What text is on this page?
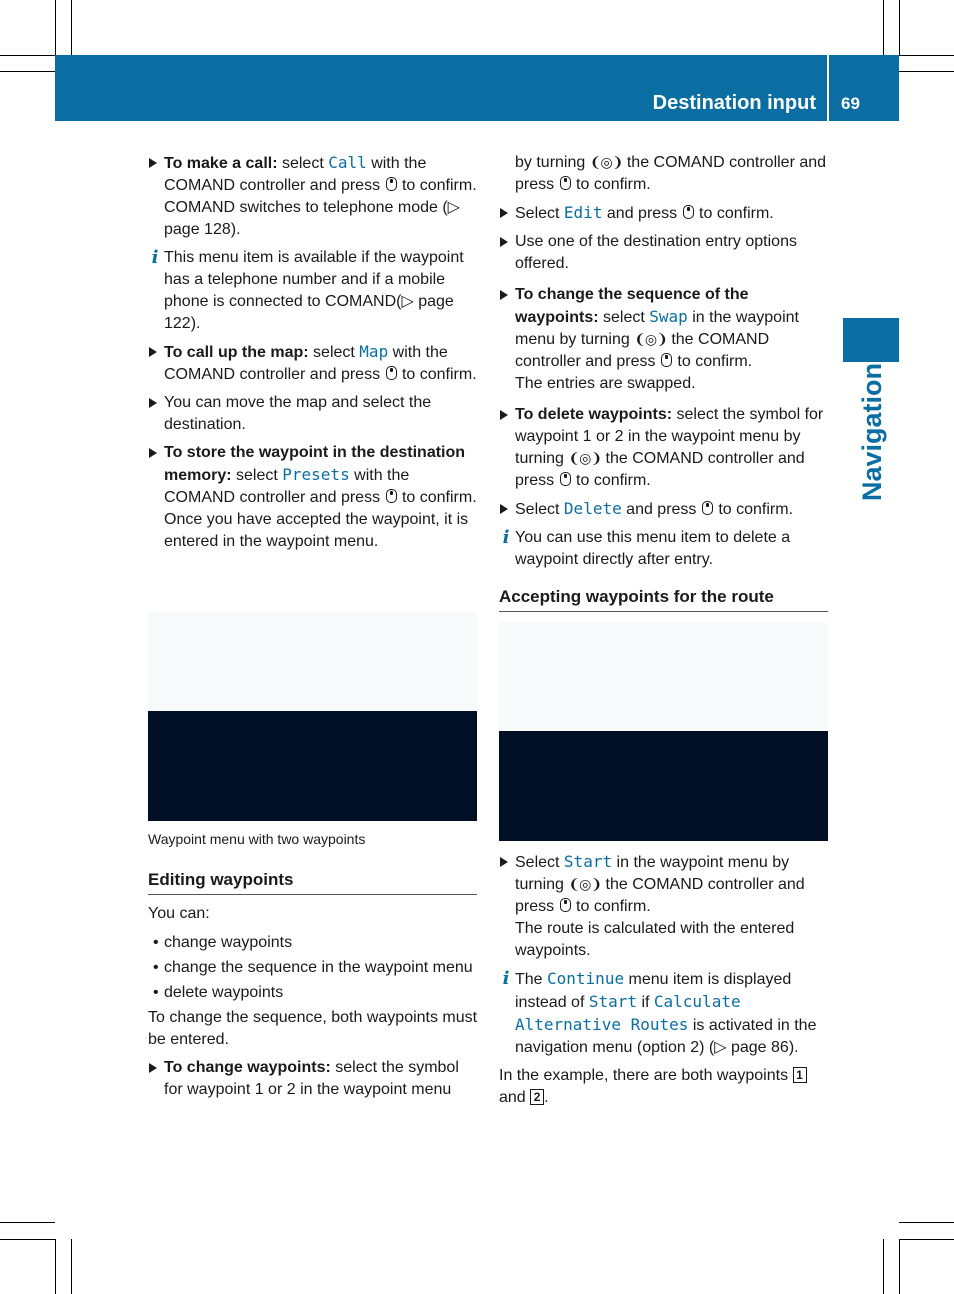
Destination input 69
Navigation
To make a call: select Call with the COMAND controller and press  to confirm. COMAND switches to telephone mode (▷ page 128).
i This menu item is available if the waypoint has a telephone number and if a mobile phone is connected to COMAND(▷ page 122).
To call up the map: select Map with the COMAND controller and press  to confirm.
You can move the map and select the destination.
To store the waypoint in the destination memory: select Presets with the COMAND controller and press  to confirm.
Once you have accepted the waypoint, it is entered in the waypoint menu.
Waypoint menu with two waypoints
Editing waypoints
You can:
• change waypoints
• change the sequence in the waypoint menu
• delete waypoints
To change the sequence, both waypoints must be entered.
To change waypoints: select the symbol for waypoint 1 or 2 in the waypoint menu
by turning ❨◎❩ the COMAND controller and press  to confirm.
Select Edit and press  to confirm.
Use one of the destination entry options offered.
To change the sequence of the waypoints: select Swap in the waypoint menu by turning ❨◎❩ the COMAND controller and press  to confirm.
The entries are swapped.
To delete waypoints: select the symbol for waypoint 1 or 2 in the waypoint menu by turning ❨◎❩ the COMAND controller and press  to confirm.
Select Delete and press  to confirm.
i You can use this menu item to delete a waypoint directly after entry.
Accepting waypoints for the route
Select Start in the waypoint menu by turning ❨◎❩ the COMAND controller and press  to confirm.
The route is calculated with the entered waypoints.
i The Continue menu item is displayed instead of Start if Calculate Alternative Routes is activated in the navigation menu (option 2) (▷ page 86).
In the example, there are both waypoints 1 and 2 .
